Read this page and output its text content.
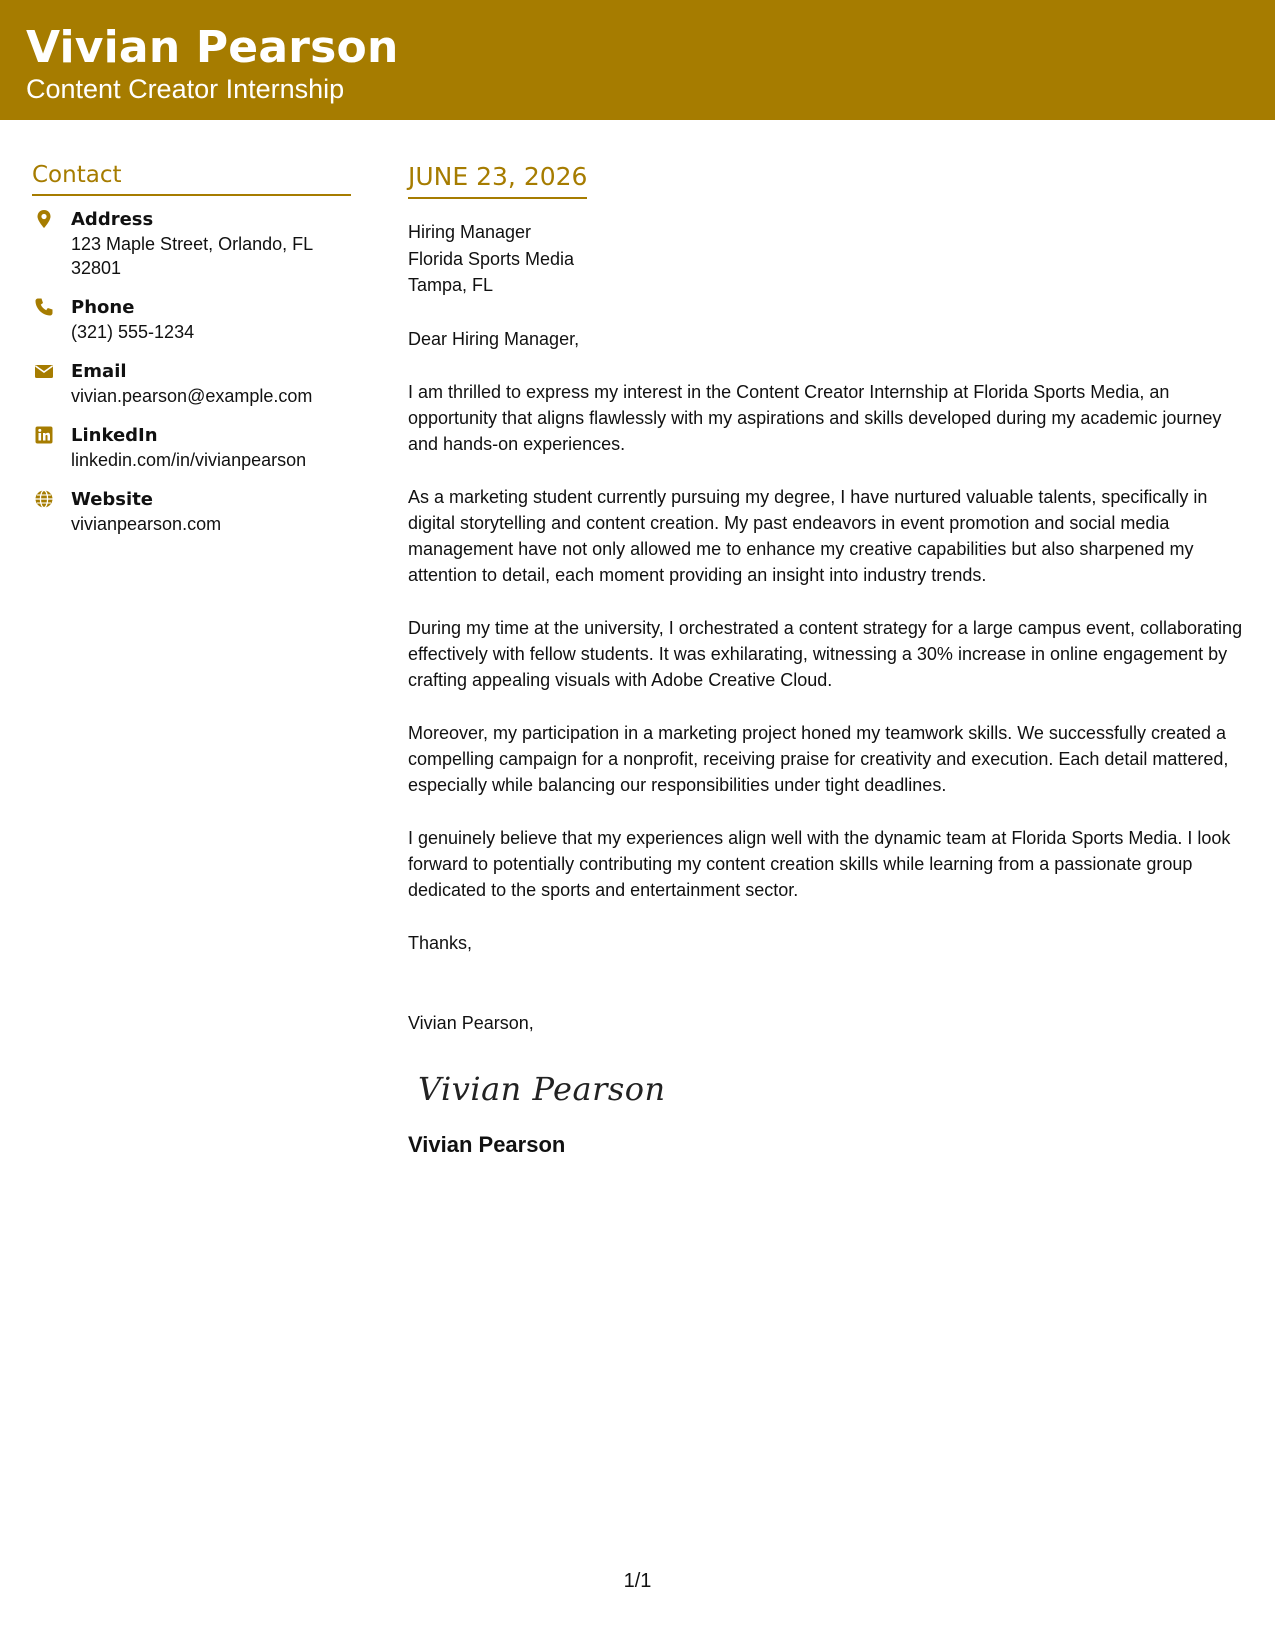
Vivian Pearson
Content Creator Internship
Contact
Address
123 Maple Street, Orlando, FL 32801
Phone
(321) 555-1234
Email
vivian.pearson@example.com
LinkedIn
linkedin.com/in/vivianpearson
Website
vivianpearson.com
JUNE 23, 2026
Hiring Manager
Florida Sports Media
Tampa, FL
Dear Hiring Manager,
I am thrilled to express my interest in the Content Creator Internship at Florida Sports Media, an opportunity that aligns flawlessly with my aspirations and skills developed during my academic journey and hands-on experiences.
As a marketing student currently pursuing my degree, I have nurtured valuable talents, specifically in digital storytelling and content creation. My past endeavors in event promotion and social media management have not only allowed me to enhance my creative capabilities but also sharpened my attention to detail, each moment providing an insight into industry trends.
During my time at the university, I orchestrated a content strategy for a large campus event, collaborating effectively with fellow students. It was exhilarating, witnessing a 30% increase in online engagement by crafting appealing visuals with Adobe Creative Cloud.
Moreover, my participation in a marketing project honed my teamwork skills. We successfully created a compelling campaign for a nonprofit, receiving praise for creativity and execution. Each detail mattered, especially while balancing our responsibilities under tight deadlines.
I genuinely believe that my experiences align well with the dynamic team at Florida Sports Media. I look forward to potentially contributing my content creation skills while learning from a passionate group dedicated to the sports and entertainment sector.
Thanks,
Vivian Pearson,
Vivian Pearson
Vivian Pearson
1/1
